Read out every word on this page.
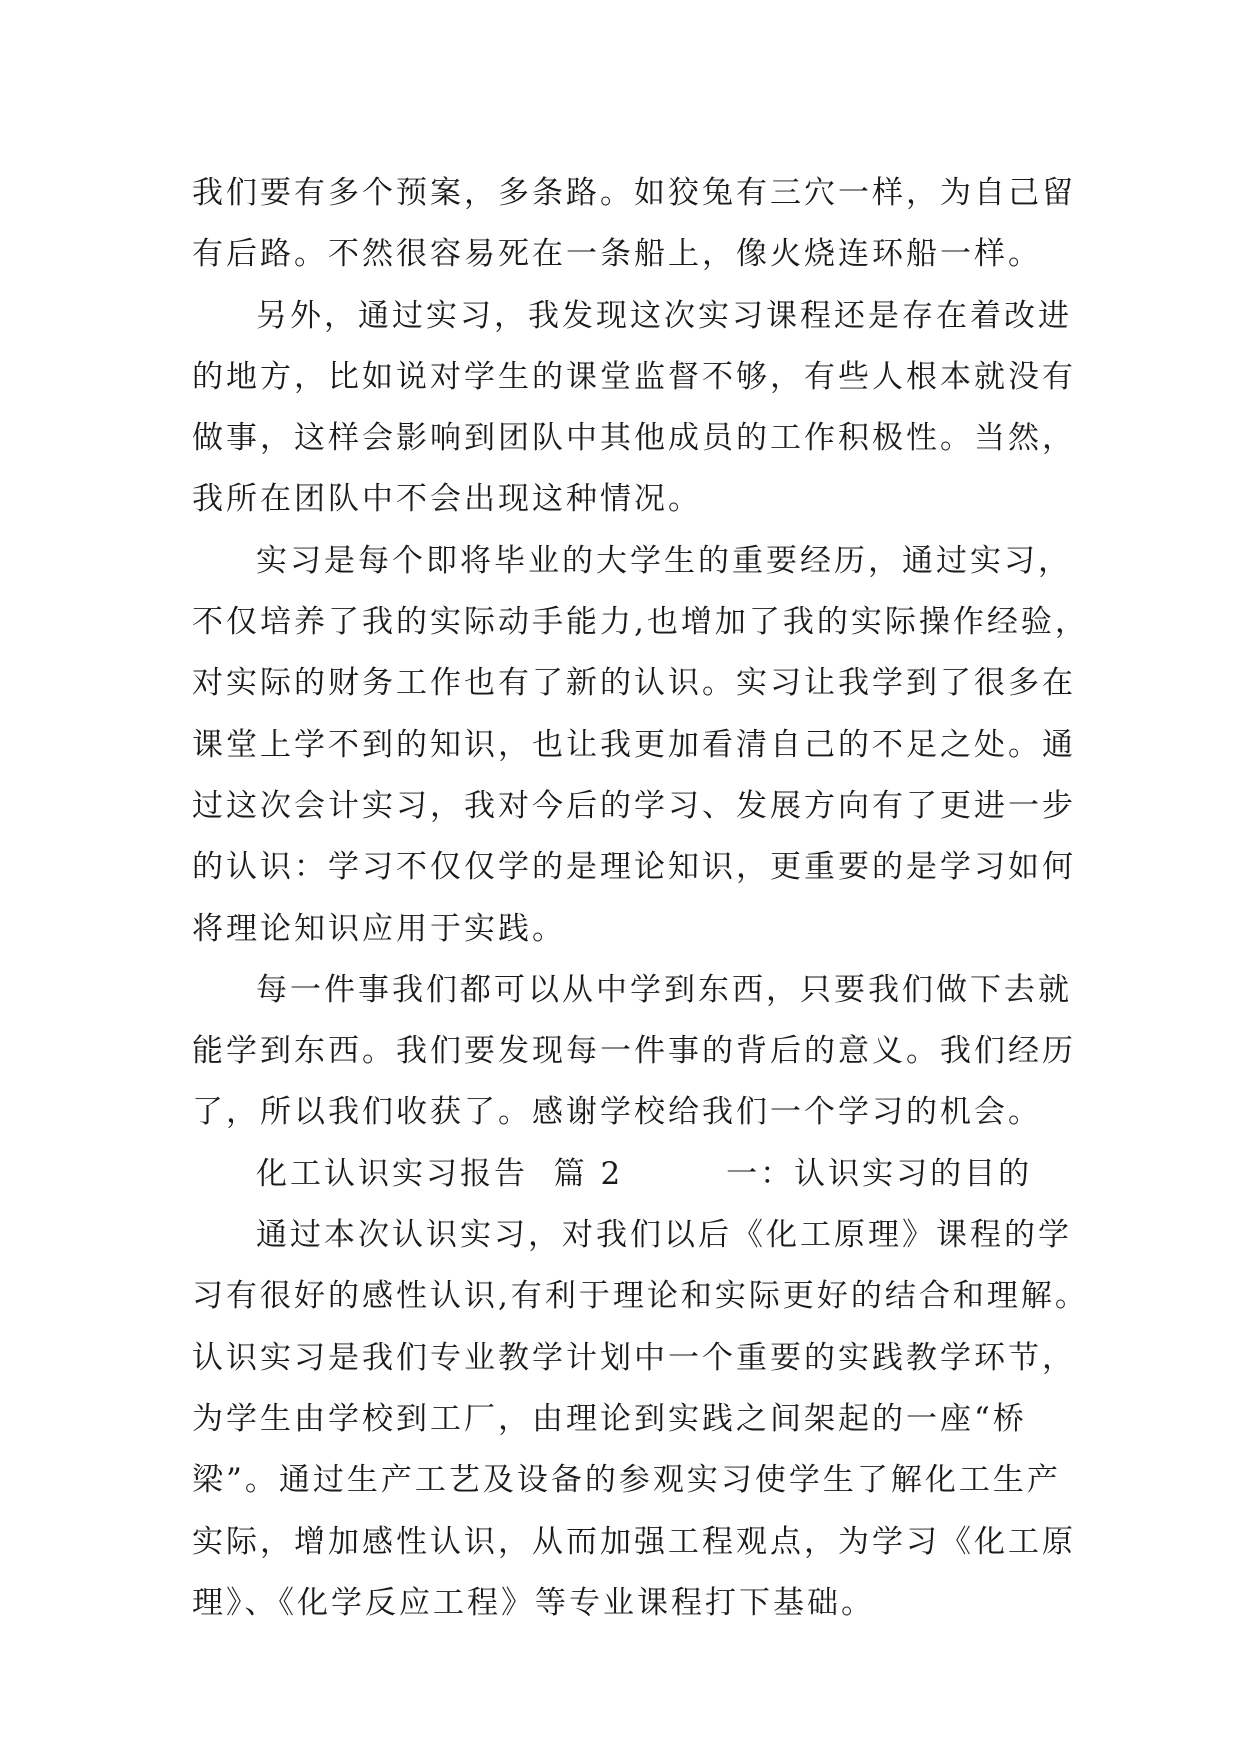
我们要有多个预案，多条路。如狡兔有三穴一样，为自己留
有后路。不然很容易死在一条船上，像火烧连环船一样。
另外，通过实习，我发现这次实习课程还是存在着改进
的地方，比如说对学生的课堂监督不够，有些人根本就没有
做事，这样会影响到团队中其他成员的工作积极性。当然，
我所在团队中不会出现这种情况。
实习是每个即将毕业的大学生的重要经历，通过实习，
不仅培养了我的实际动手能力,也增加了我的实际操作经验，
对实际的财务工作也有了新的认识。实习让我学到了很多在
课堂上学不到的知识，也让我更加看清自己的不足之处。通
过这次会计实习，我对今后的学习、发展方向有了更进一步
的认识：学习不仅仅学的是理论知识，更重要的是学习如何
将理论知识应用于实践。
每一件事我们都可以从中学到东西，只要我们做下去就
能学到东西。我们要发现每一件事的背后的意义。我们经历
了，所以我们收获了。感谢学校给我们一个学习的机会。
化工认识实习报告  篇 2        一：认识实习的目的
通过本次认识实习，对我们以后《化工原理》课程的学
习有很好的感性认识,有利于理论和实际更好的结合和理解。
认识实习是我们专业教学计划中一个重要的实践教学环节，
为学生由学校到工厂，由理论到实践之间架起的一座“桥
梁”。通过生产工艺及设备的参观实习使学生了解化工生产
实际，增加感性认识，从而加强工程观点，为学习《化工原
理》、《化学反应工程》等专业课程打下基础。
